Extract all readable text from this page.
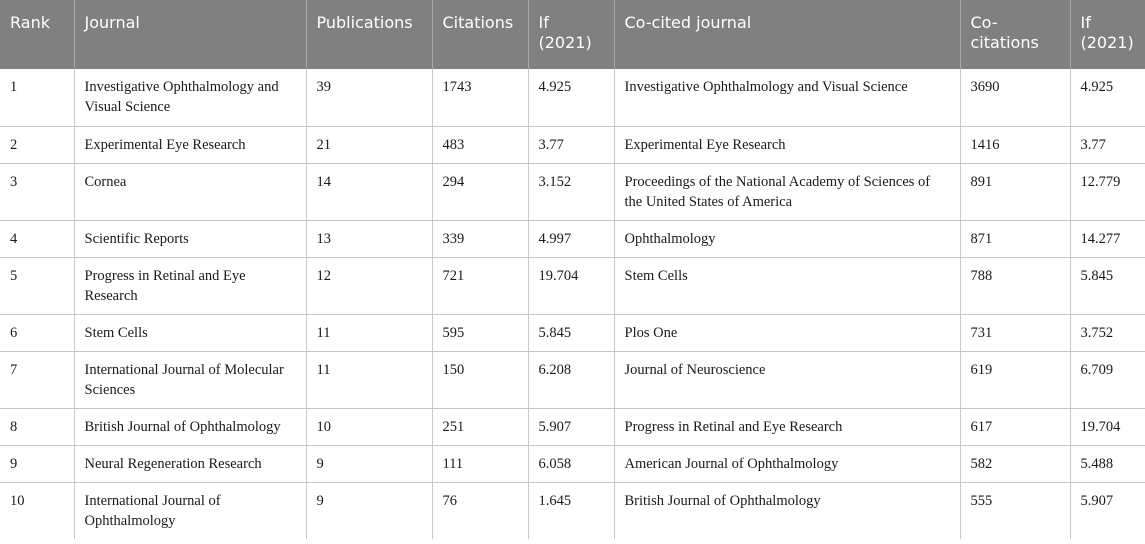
Rank	Journal	Publications	Citations	If (2021)	Co-cited journal	Co-citations	If (2021)
1	Investigative Ophthalmology and Visual Science	39	1743	4.925	Investigative Ophthalmology and Visual Science	3690	4.925
2	Experimental Eye Research	21	483	3.77	Experimental Eye Research	1416	3.77
3	Cornea	14	294	3.152	Proceedings of the National Academy of Sciences of the United States of America	891	12.779
4	Scientific Reports	13	339	4.997	Ophthalmology	871	14.277
5	Progress in Retinal and Eye Research	12	721	19.704	Stem Cells	788	5.845
6	Stem Cells	11	595	5.845	Plos One	731	3.752
7	International Journal of Molecular Sciences	11	150	6.208	Journal of Neuroscience	619	6.709
8	British Journal of Ophthalmology	10	251	5.907	Progress in Retinal and Eye Research	617	19.704
9	Neural Regeneration Research	9	111	6.058	American Journal of Ophthalmology	582	5.488
10	International Journal of Ophthalmology	9	76	1.645	British Journal of Ophthalmology	555	5.907
